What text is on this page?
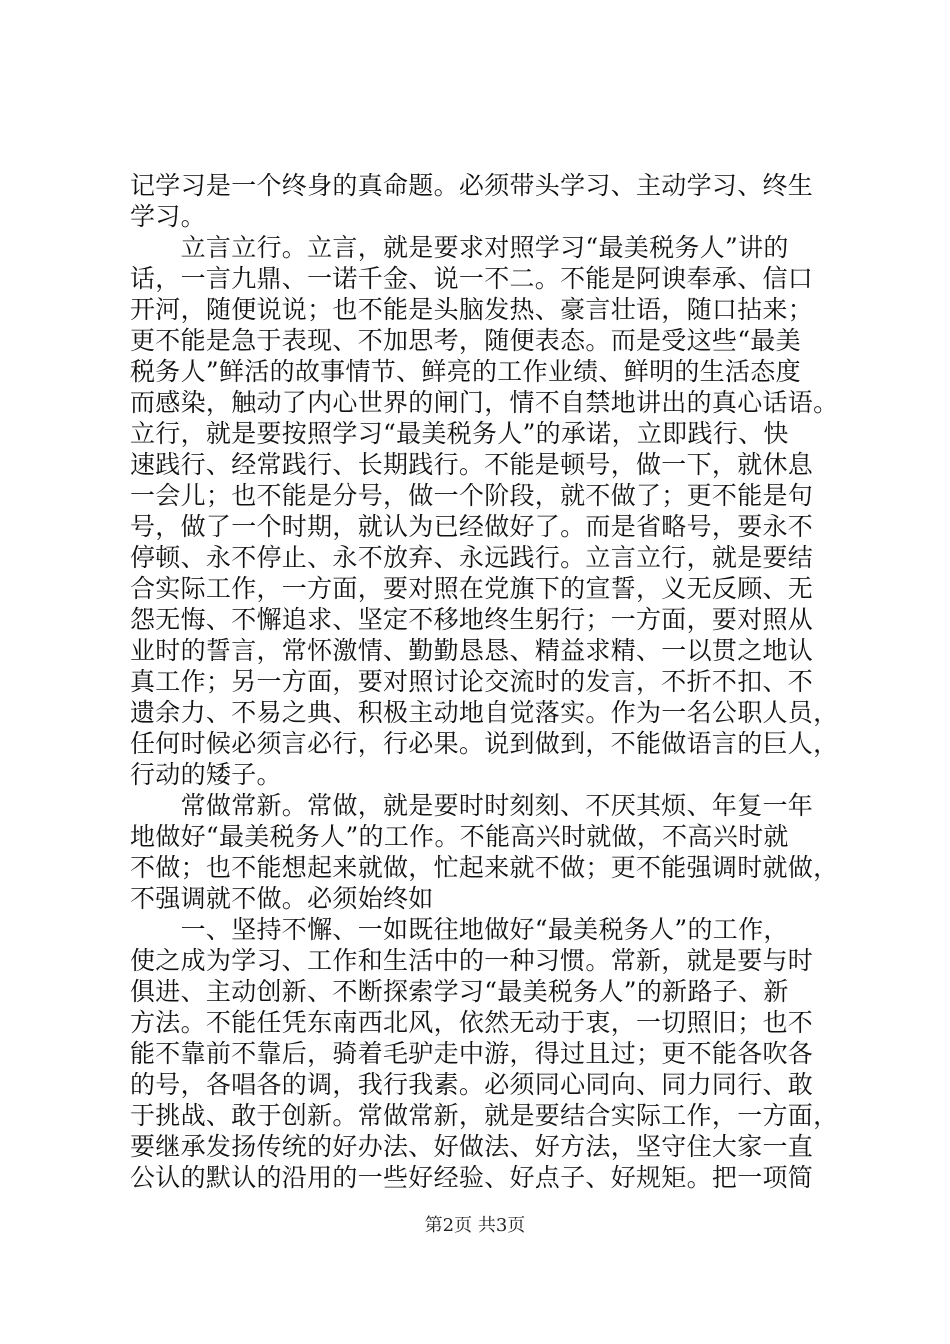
记学习是一个终身的真命题。必须带头学习、主动学习、终生
学习。
　　立言立行。立言，就是要求对照学习“最美税务人”讲的
话，一言九鼎、一诺千金、说一不二。不能是阿谀奉承、信口
开河，随便说说；也不能是头脑发热、豪言壮语，随口拈来；
更不能是急于表现、不加思考，随便表态。而是受这些“最美
税务人”鲜活的故事情节、鲜亮的工作业绩、鲜明的生活态度
而感染，触动了内心世界的闸门，情不自禁地讲出的真心话语。
立行，就是要按照学习“最美税务人”的承诺，立即践行、快
速践行、经常践行、长期践行。不能是顿号，做一下，就休息
一会儿；也不能是分号，做一个阶段，就不做了；更不能是句
号，做了一个时期，就认为已经做好了。而是省略号，要永不
停顿、永不停止、永不放弃、永远践行。立言立行，就是要结
合实际工作，一方面，要对照在党旗下的宣誓，义无反顾、无
怨无悔、不懈追求、坚定不移地终生躬行；一方面，要对照从
业时的誓言，常怀激情、勤勤恳恳、精益求精、一以贯之地认
真工作；另一方面，要对照讨论交流时的发言，不折不扣、不
遗余力、不易之典、积极主动地自觉落实。作为一名公职人员，
任何时候必须言必行，行必果。说到做到，不能做语言的巨人，
行动的矮子。
　　常做常新。常做，就是要时时刻刻、不厌其烦、年复一年
地做好“最美税务人”的工作。不能高兴时就做，不高兴时就
不做；也不能想起来就做，忙起来就不做；更不能强调时就做，
不强调就不做。必须始终如
　　一、坚持不懈、一如既往地做好“最美税务人”的工作，
使之成为学习、工作和生活中的一种习惯。常新，就是要与时
俱进、主动创新、不断探索学习“最美税务人”的新路子、新
方法。不能任凭东南西北风，依然无动于衷，一切照旧；也不
能不靠前不靠后，骑着毛驴走中游，得过且过；更不能各吹各
的号，各唱各的调，我行我素。必须同心同向、同力同行、敢
于挑战、敢于创新。常做常新，就是要结合实际工作，一方面，
要继承发扬传统的好办法、好做法、好方法，坚守住大家一直
公认的默认的沿用的一些好经验、好点子、好规矩。把一项简
第2页 共3页
